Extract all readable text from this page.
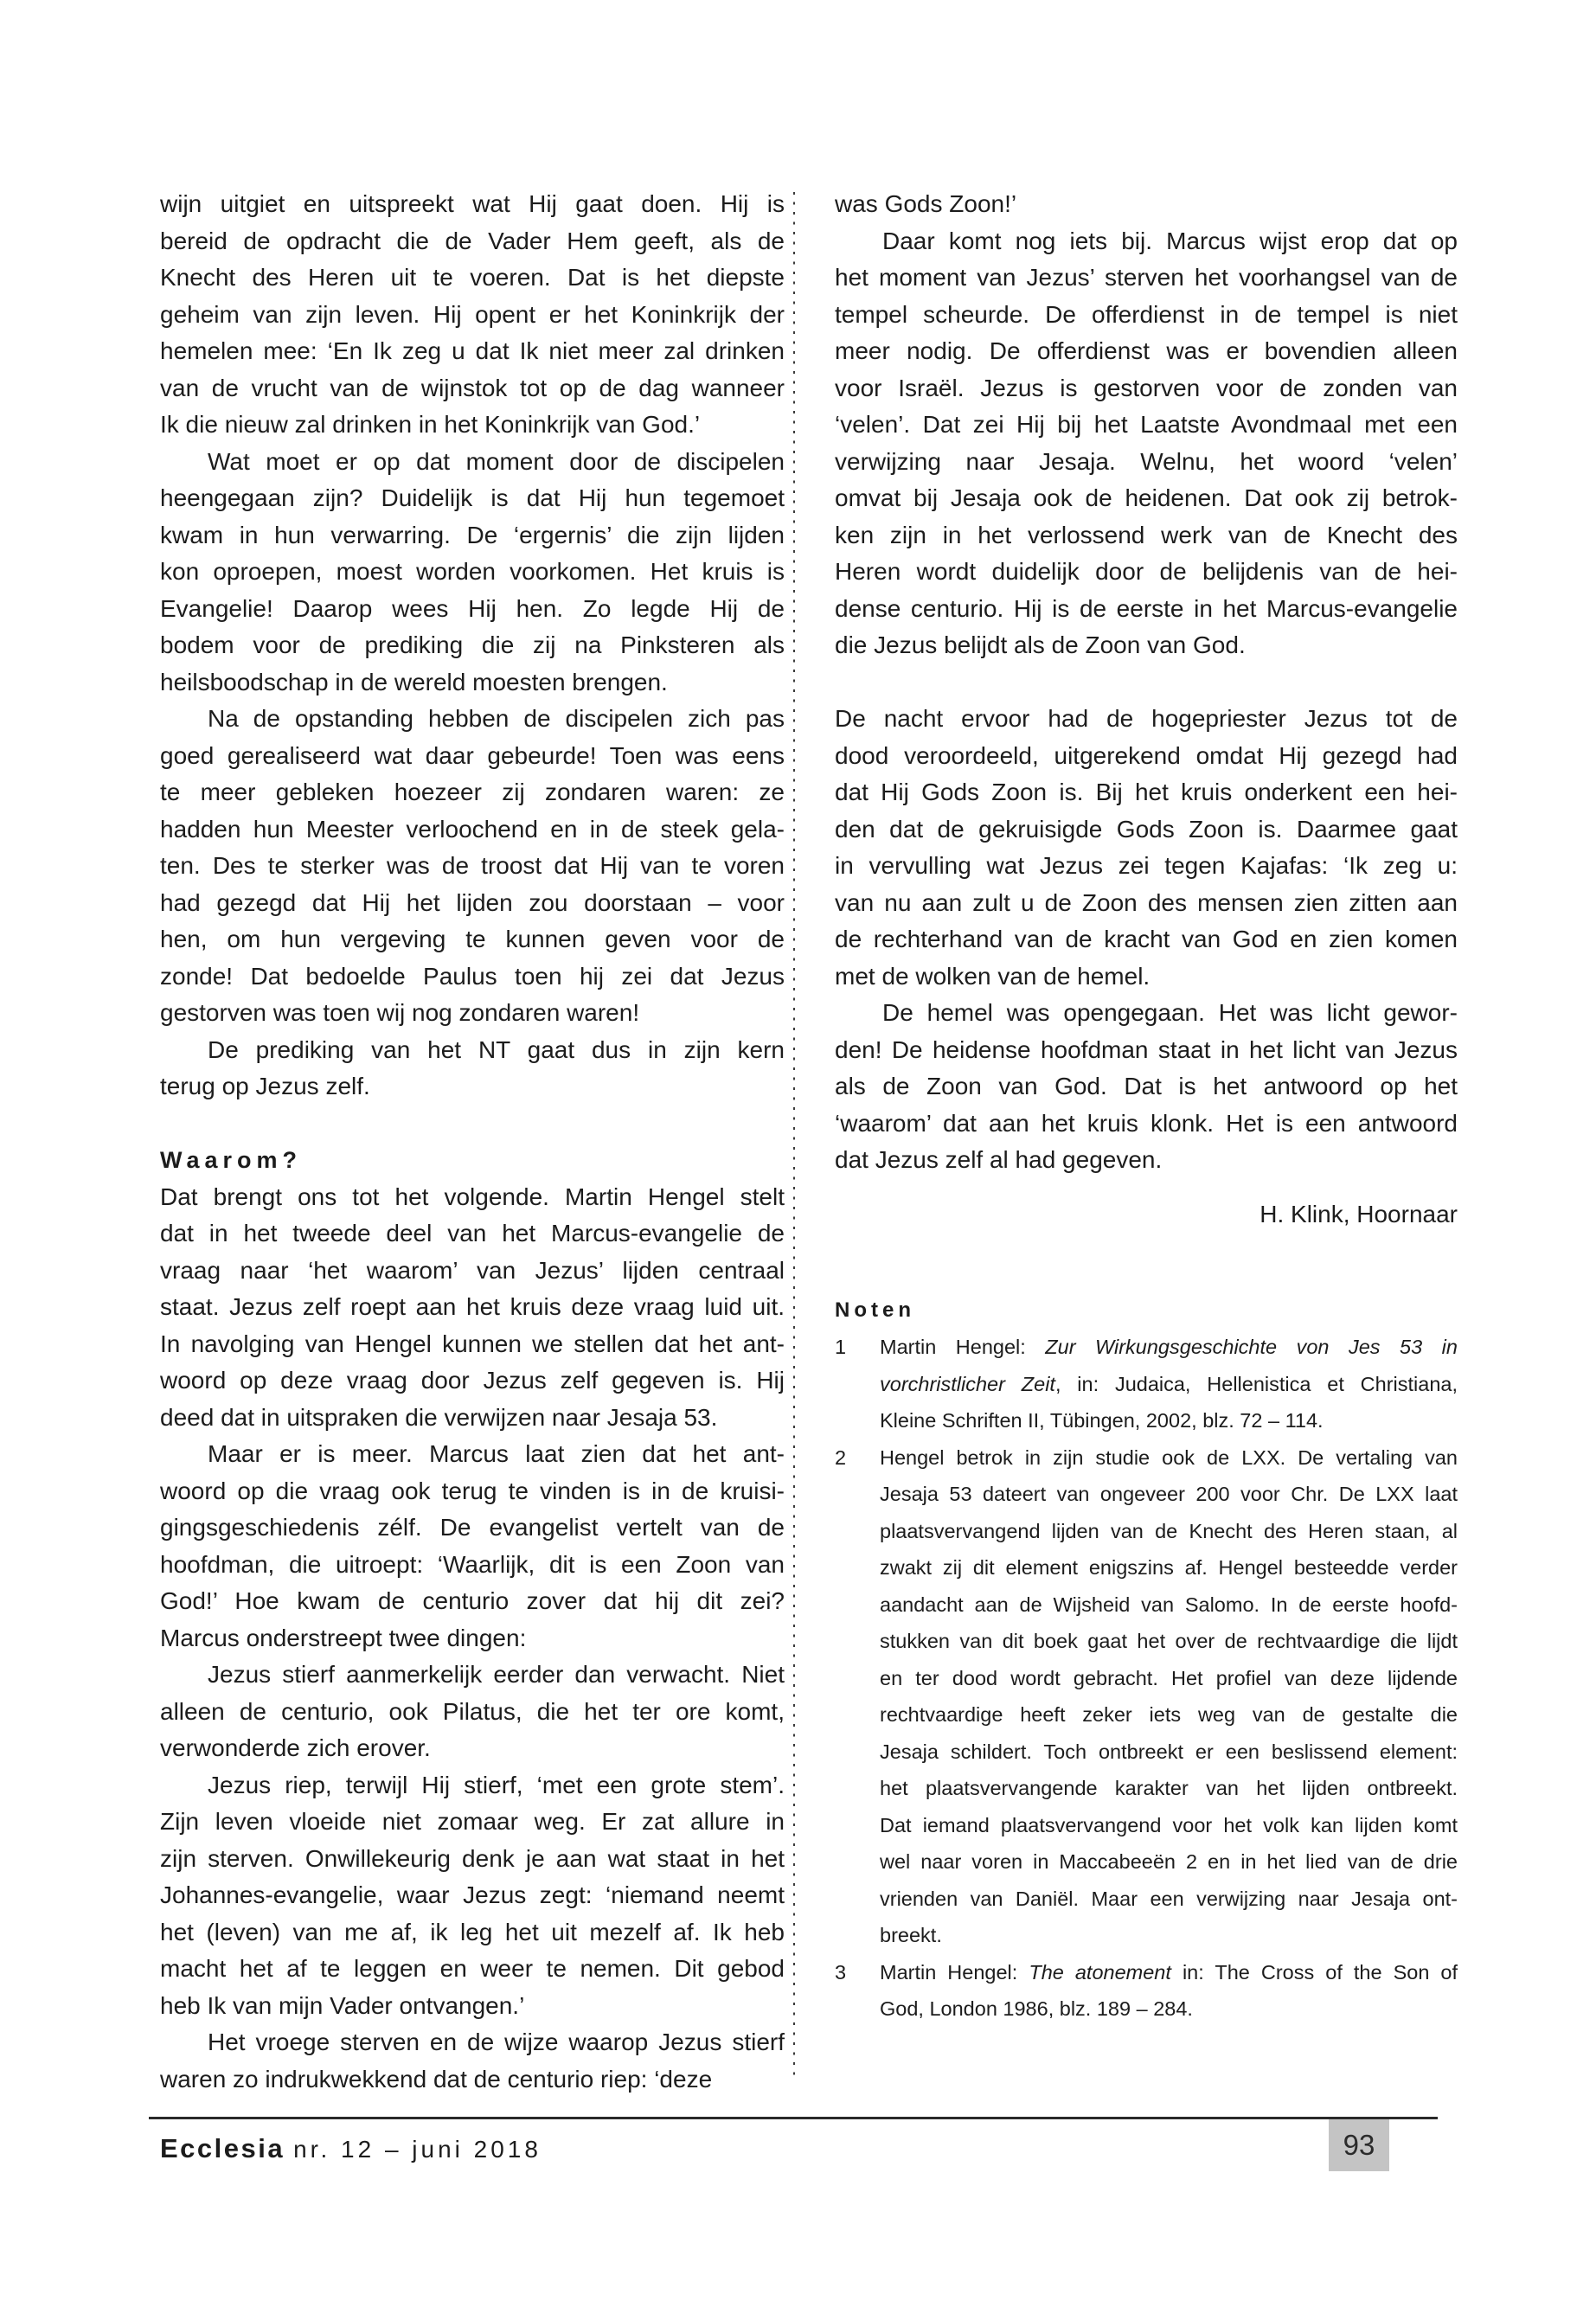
wijn uitgiet en uitspreekt wat Hij gaat doen. Hij is
bereid de opdracht die de Vader Hem geeft, als de
Knecht des Heren uit te voeren. Dat is het diepste
geheim van zijn leven. Hij opent er het Koninkrijk der
hemelen mee: ‘En Ik zeg u dat Ik niet meer zal drinken
van de vrucht van de wijnstok tot op de dag wanneer
Ik die nieuw zal drinken in het Koninkrijk van God.’
Wat moet er op dat moment door de discipelen
heengegaan zijn? Duidelijk is dat Hij hun tegemoet
kwam in hun verwarring. De ‘ergernis’ die zijn lijden
kon oproepen, moest worden voorkomen. Het kruis is
Evangelie! Daarop wees Hij hen. Zo legde Hij de
bodem voor de prediking die zij na Pinksteren als
heilsboodschap in de wereld moesten brengen.
Na de opstanding hebben de discipelen zich pas
goed gerealiseerd wat daar gebeurde! Toen was eens
te meer gebleken hoezeer zij zondaren waren: ze
hadden hun Meester verloochend en in de steek gela-
ten. Des te sterker was de troost dat Hij van te voren
had gezegd dat Hij het lijden zou doorstaan – voor
hen, om hun vergeving te kunnen geven voor de
zonde! Dat bedoelde Paulus toen hij zei dat Jezus
gestorven was toen wij nog zondaren waren!
De prediking van het NT gaat dus in zijn kern
terug op Jezus zelf.
Waarom?
Dat brengt ons tot het volgende. Martin Hengel stelt
dat in het tweede deel van het Marcus-evangelie de
vraag naar ‘het waarom’ van Jezus’ lijden centraal
staat. Jezus zelf roept aan het kruis deze vraag luid uit.
In navolging van Hengel kunnen we stellen dat het ant-
woord op deze vraag door Jezus zelf gegeven is. Hij
deed dat in uitspraken die verwijzen naar Jesaja 53.
Maar er is meer. Marcus laat zien dat het ant-
woord op die vraag ook terug te vinden is in de kruisi-
gingsgeschiedenis zélf. De evangelist vertelt van de
hoofdman, die uitroept: ‘Waarlijk, dit is een Zoon van
God!’ Hoe kwam de centurio zover dat hij dit zei?
Marcus onderstreept twee dingen:
Jezus stierf aanmerkelijk eerder dan verwacht. Niet
alleen de centurio, ook Pilatus, die het ter ore komt,
verwonderde zich erover.
Jezus riep, terwijl Hij stierf, ‘met een grote stem’.
Zijn leven vloeide niet zomaar weg. Er zat allure in
zijn sterven. Onwillekeurig denk je aan wat staat in het
Johannes-evangelie, waar Jezus zegt: ‘niemand neemt
het (leven) van me af, ik leg het uit mezelf af. Ik heb
macht het af te leggen en weer te nemen. Dit gebod
heb Ik van mijn Vader ontvangen.’
Het vroege sterven en de wijze waarop Jezus stierf
waren zo indrukwekkend dat de centurio riep: ‘deze
was Gods Zoon!’
Daar komt nog iets bij. Marcus wijst erop dat op
het moment van Jezus’ sterven het voorhangsel van de
tempel scheurde. De offerdienst in de tempel is niet
meer nodig. De offerdienst was er bovendien alleen
voor Israël. Jezus is gestorven voor de zonden van
‘velen’. Dat zei Hij bij het Laatste Avondmaal met een
verwijzing naar Jesaja. Welnu, het woord ‘velen’
omvat bij Jesaja ook de heidenen. Dat ook zij betrok-
ken zijn in het verlossend werk van de Knecht des
Heren wordt duidelijk door de belijdenis van de hei-
dense centurio. Hij is de eerste in het Marcus-evangelie
die Jezus belijdt als de Zoon van God.
De nacht ervoor had de hogepriester Jezus tot de
dood veroordeeld, uitgerekend omdat Hij gezegd had
dat Hij Gods Zoon is. Bij het kruis onderkent een hei-
den dat de gekruisigde Gods Zoon is. Daarmee gaat
in vervulling wat Jezus zei tegen Kajafas: ‘Ik zeg u:
van nu aan zult u de Zoon des mensen zien zitten aan
de rechterhand van de kracht van God en zien komen
met de wolken van de hemel.
De hemel was opengegaan. Het was licht gewor-
den! De heidense hoofdman staat in het licht van Jezus
als de Zoon van God. Dat is het antwoord op het
‘waarom’ dat aan het kruis klonk. Het is een antwoord
dat Jezus zelf al had gegeven.
H. Klink, Hoornaar
Noten
1	Martin Hengel: Zur Wirkungsgeschichte von Jes 53 in
vorchristlicher Zeit, in: Judaica, Hellenistica et Christiana,
Kleine Schriften II, Tübingen, 2002, blz. 72 – 114.
2	Hengel betrok in zijn studie ook de LXX. De vertaling van
Jesaja 53 dateert van ongeveer 200 voor Chr. De LXX laat
plaatsvervangend lijden van de Knecht des Heren staan, al
zwakt zij dit element enigszins af. Hengel besteedde verder
aandacht aan de Wijsheid van Salomo. In de eerste hoofd-
stukken van dit boek gaat het over de rechtvaardige die lijdt
en ter dood wordt gebracht. Het profiel van deze lijdende
rechtvaardige heeft zeker iets weg van de gestalte die
Jesaja schildert. Toch ontbreekt er een beslissend element:
het plaatsvervangende karakter van het lijden ontbreekt.
Dat iemand plaatsvervangend voor het volk kan lijden komt
wel naar voren in Maccabeeën 2 en in het lied van de drie
vrienden van Daniël. Maar een verwijzing naar Jesaja ont-
breekt.
3	Martin Hengel: The atonement in: The Cross of the Son of
God, London 1986, blz. 189 – 284.
Ecclesia nr. 12 – juni 2018	93
